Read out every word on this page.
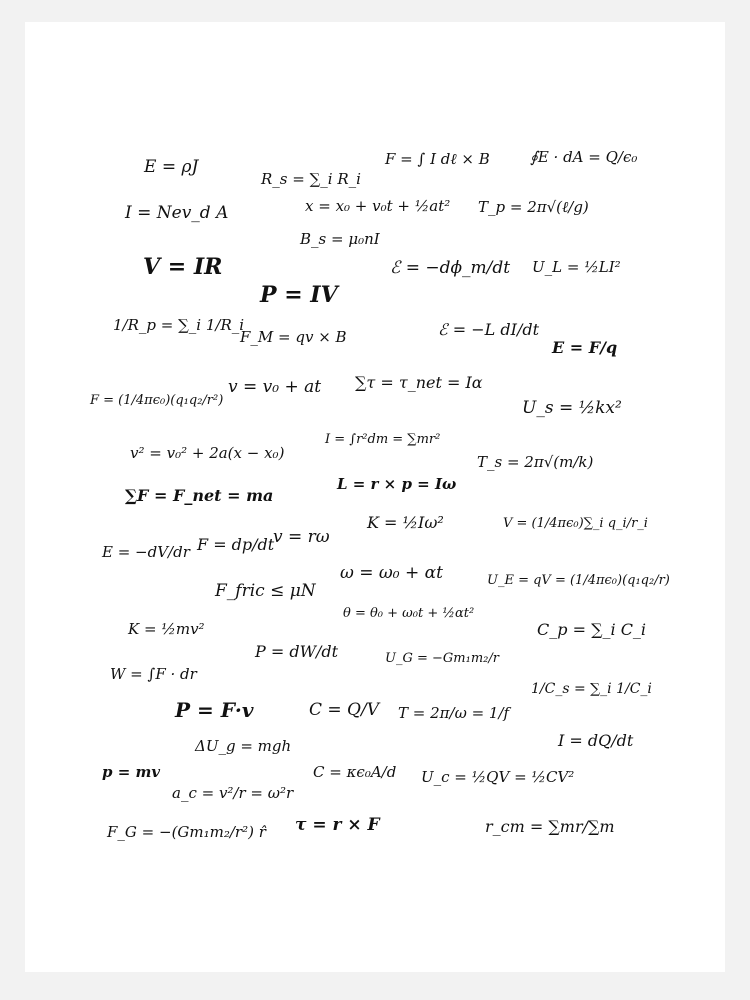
E = ρJ
R_s = ∑_i R_i
F = ∫ I dℓ × B	∮E · dA = Q/ϵ₀
I = Nev_d A	x = x₀ + v₀t + ½at² T_p = 2π√(ℓ/g)
B_s = μ₀nI
V = IR	ℰ = −dϕ_m/dt U_L = ½LI²
P = IV
1/R_p = ∑_i 1/R_i
F_M = qv × B	ℰ = −L dI/dt
E = F/q
F = (1/4πϵ₀)(q₁q₂/r²)
v = v₀ + at ∑τ = τ_net = Iα
U_s = ½kx²
I = ∫r²dm = ∑mr²
v² = v₀² + 2a(x − x₀)	T_s = 2π√(m/k)
∑F = F_net = ma
L = r × p = Iω
K = ½Iω²	V = (1/4πϵ₀)∑_i q_i/r_i
E = −dV/dr F = dp/dt
v = rω
ω = ω₀ + αt	U_E = qV = (1/4πϵ₀)(q₁q₂/r)
F_fric ≤ μN
θ = θ₀ + ω₀t + ½αt²
K = ½mv²	C_p = ∑_i C_i
P = dW/dt	U_G = −Gm₁m₂/r
W = ∫F · dr
1/C_s = ∑_i 1/C_i
P = F·v	C = Q/V T = 2π/ω = 1/f
ΔU_g = mgh	I = dQ/dt
p = mv	C = κϵ₀A/d U_c = ½QV = ½CV²
a_c = v²/r = ω²r
F_G = −(Gm₁m₂/r²) r̂ τ = r × F	r_cm = ∑mr/∑m
